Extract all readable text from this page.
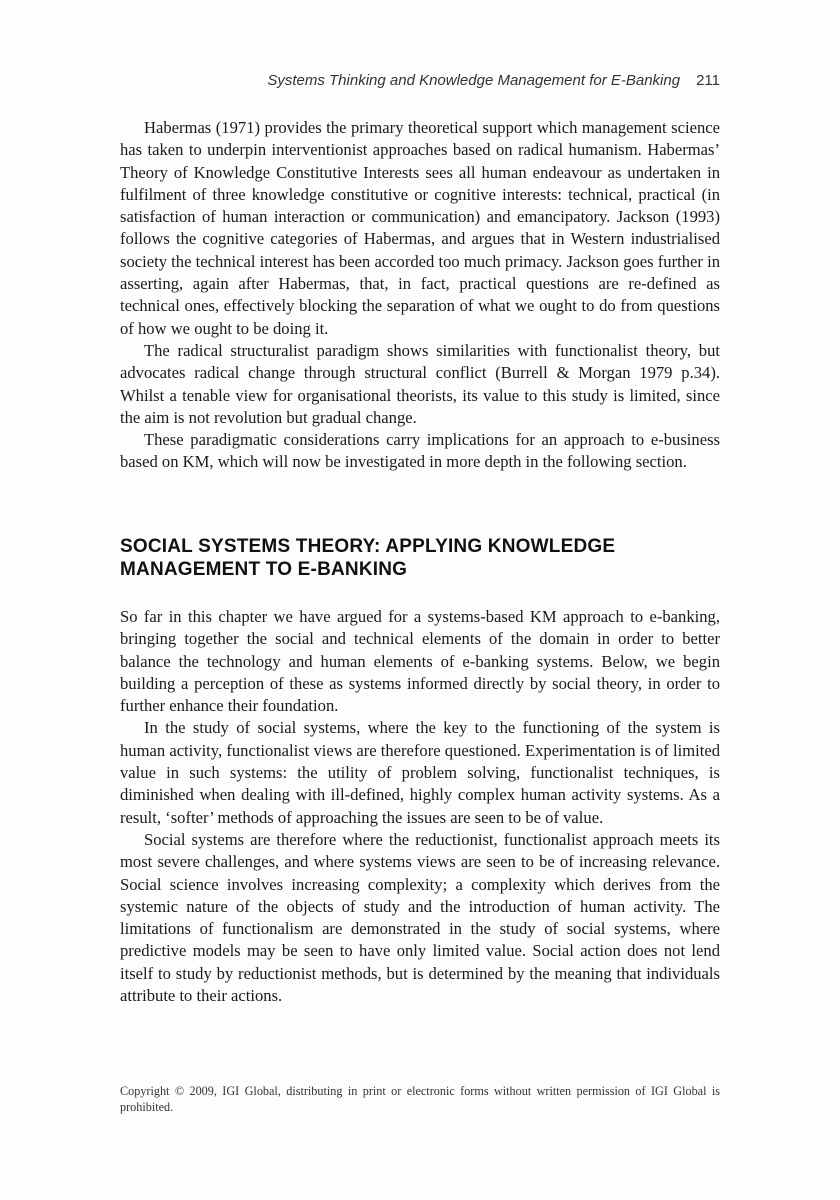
Systems Thinking and Knowledge Management for E-Banking 211

Habermas (1971) provides the primary theoretical support which management science has taken to underpin interventionist approaches based on radical humanism. Habermas’ Theory of Knowledge Constitutive Interests sees all human endeavour as undertaken in fulfilment of three knowledge constitutive or cognitive interests: technical, practical (in satisfaction of human interaction or communication) and emancipatory. Jackson (1993) follows the cognitive categories of Habermas, and argues that in Western industrialised society the technical interest has been accorded too much primacy. Jackson goes further in asserting, again after Habermas, that, in fact, practical questions are re-defined as technical ones, effectively blocking the separation of what we ought to do from questions of how we ought to be doing it.

The radical structuralist paradigm shows similarities with functionalist theory, but advocates radical change through structural conflict (Burrell & Morgan 1979 p.34). Whilst a tenable view for organisational theorists, its value to this study is limited, since the aim is not revolution but gradual change.

These paradigmatic considerations carry implications for an approach to e-business based on KM, which will now be investigated in more depth in the following section.

SOCIAL SYSTEMS THEORY: APPLYING KNOWLEDGE
MANAGEMENT TO E-BANKING

So far in this chapter we have argued for a systems-based KM approach to e-banking, bringing together the social and technical elements of the domain in order to better balance the technology and human elements of e-banking systems. Below, we begin building a perception of these as systems informed directly by social theory, in order to further enhance their foundation.

In the study of social systems, where the key to the functioning of the system is human activity, functionalist views are therefore questioned. Experimentation is of limited value in such systems: the utility of problem solving, functionalist techniques, is diminished when dealing with ill-defined, highly complex human activity systems. As a result, ‘softer’ methods of approaching the issues are seen to be of value.

Social systems are therefore where the reductionist, functionalist approach meets its most severe challenges, and where systems views are seen to be of increasing relevance. Social science involves increasing complexity; a complexity which derives from the systemic nature of the objects of study and the introduction of human activity. The limitations of functionalism are demonstrated in the study of social systems, where predictive models may be seen to have only limited value. Social action does not lend itself to study by reductionist methods, but is determined by the meaning that individuals attribute to their actions.

Copyright © 2009, IGI Global, distributing in print or electronic forms without written permission of IGI Global is prohibited.
